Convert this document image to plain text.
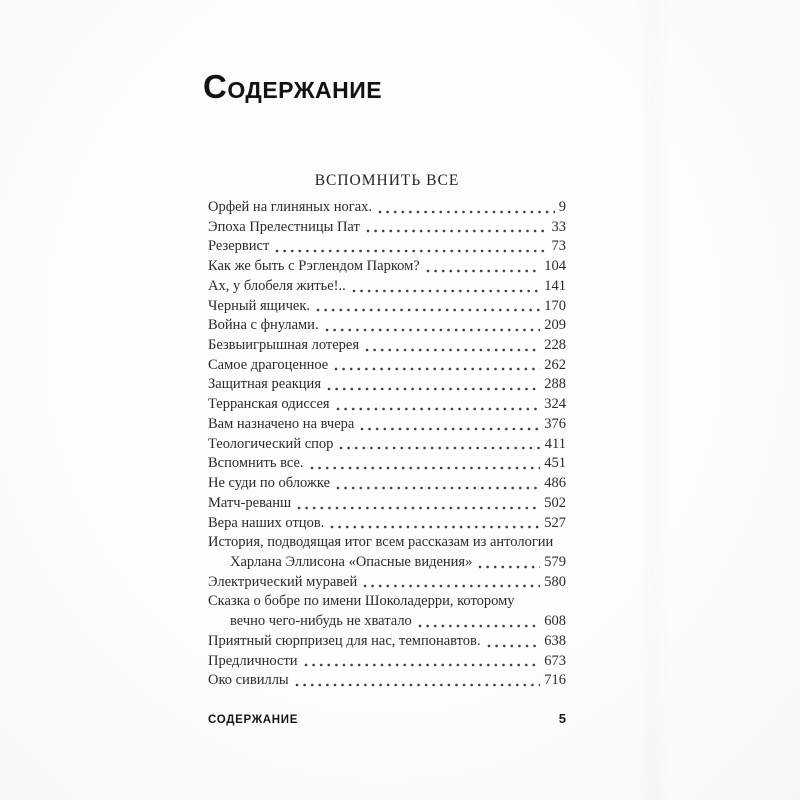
СОДЕРЖАНИЕ
ВСПОМНИТЬ ВСЕ
Орфей на глиняных ногах.	9
Эпоха Прелестницы Пат	33
Резервист	73
Как же быть с Рэглендом Парком?	104
Ах, у блобеля житье!..	141
Черный ящичек.	170
Война с фнулами.	209
Безвыигрышная лотерея	228
Самое драгоценное	262
Защитная реакция	288
Терранская одиссея	324
Вам назначено на вчера	376
Теологический спор	411
Вспомнить все.	451
Не суди по обложке	486
Матч-реванш	502
Вера наших отцов.	527
История, подводящая итог всем рассказам из антологии
Харлана Эллисона «Опасные видения»	579
Электрический муравей	580
Сказка о бобре по имени Шоколадерри, которому
вечно чего-нибудь не хватало	608
Приятный сюрпризец для нас, темпонавтов.	638
Предличности	673
Око сивиллы	716
СОДЕРЖАНИЕ	5
